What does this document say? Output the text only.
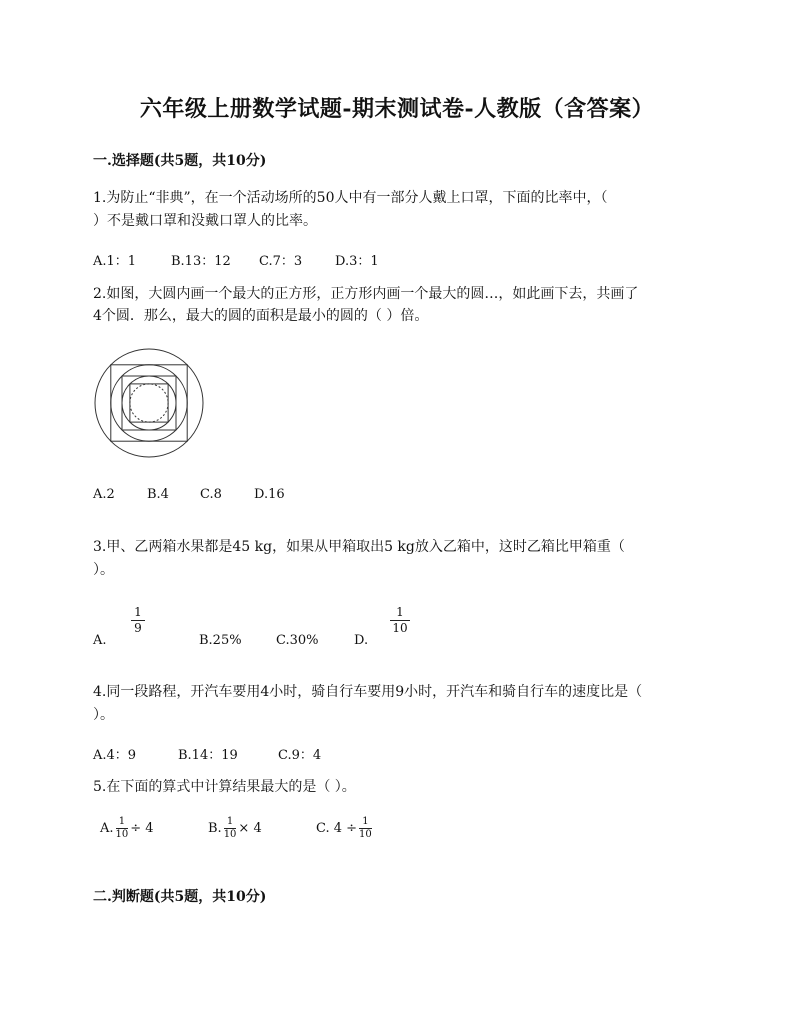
六年级上册数学试题-期末测试卷-人教版（含答案）
一.选择题(共5题，共10分)
1.为防止“非典”，在一个活动场所的50人中有一部分人戴上口罩，下面的比率中，（
）不是戴口罩和没戴口罩人的比率。
A.1：1	B.13：12 C.7：3	D.3：1
2.如图，大圆内画一个最大的正方形，正方形内画一个最大的圆…，如此画下去，共画了
4个圆．那么，最大的圆的面积是最小的圆的（ ）倍。
A.2 B.4 C.8 D.16
3.甲、乙两箱水果都是45 kg，如果从甲箱取出5 kg放入乙箱中，这时乙箱比甲箱重（
）。
A.
1
9
B.25%	C.30%	D.
1
10
4.同一段路程，开汽车要用4小时，骑自行车要用9小时，开汽车和骑自行车的速度比是（
）。
A.4：9	B.14：19	C.9：4
5.在下面的算式中计算结果最大的是（ ）。
A. $\frac{1}{10} \div 4$	B. $\frac{1}{10} \times 4$	C. $4 \div \frac{1}{10}$
二.判断题(共5题，共10分)
